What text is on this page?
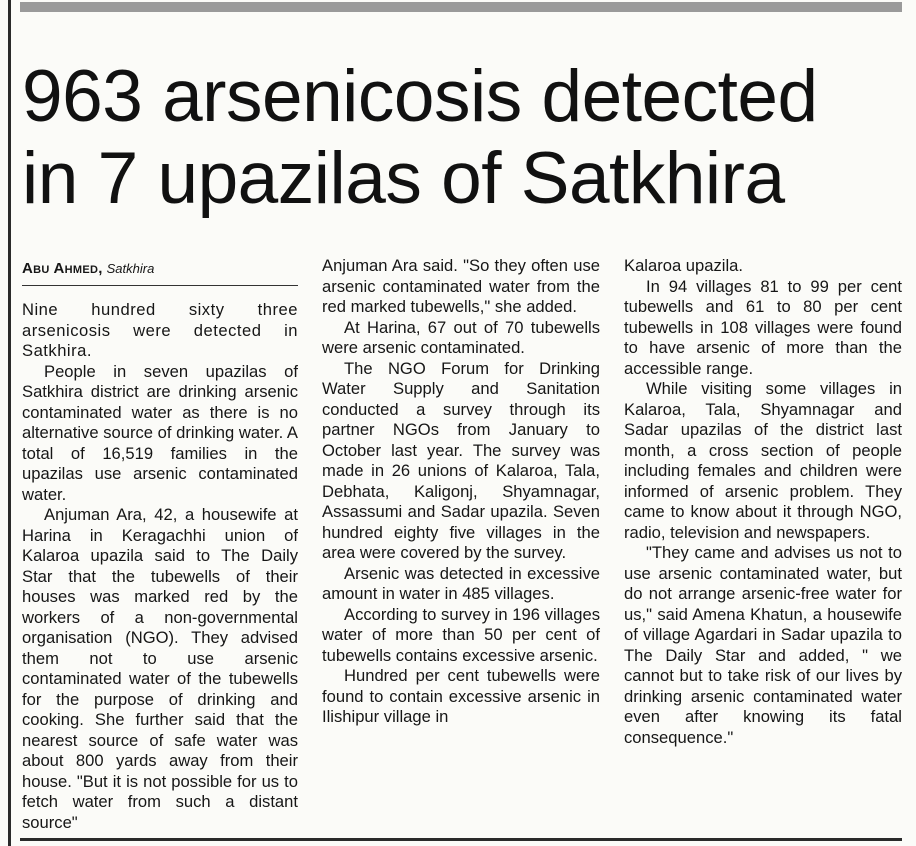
963 arsenicosis detected
in 7 upazilas of Satkhira
Abu Ahmed, Satkhira

Nine hundred sixty three arsenicosis were detected in Satkhira.

People in seven upazilas of Satkhira district are drinking arsenic contaminated water as there is no alternative source of drinking water. A total of 16,519 families in the upazilas use arsenic contaminated water.

Anjuman Ara, 42, a housewife at Harina in Keragachhi union of Kalaroa upazila said to The Daily Star that the tubewells of their houses was marked red by the workers of a non-governmental organisation (NGO). They advised them not to use arsenic contaminated water of the tubewells for the purpose of drinking and cooking. She further said that the nearest source of safe water was about 800 yards away from their house. "But it is not possible for us to fetch water from such a distant source"

Anjuman Ara said. "So they often use arsenic contaminated water from the red marked tubewells," she added.

At Harina, 67 out of 70 tubewells were arsenic contaminated.

The NGO Forum for Drinking Water Supply and Sanitation conducted a survey through its partner NGOs from January to October last year. The survey was made in 26 unions of Kalaroa, Tala, Debhata, Kaligonj, Shyamnagar, Assassumi and Sadar upazila. Seven hundred eighty five villages in the area were covered by the survey.

Arsenic was detected in excessive amount in water in 485 villages.

According to survey in 196 villages water of more than 50 per cent of tubewells contains excessive arsenic.

Hundred per cent tubewells were found to contain excessive arsenic in Ilishipur village in

Kalaroa upazila.

In 94 villages 81 to 99 per cent tubewells and 61 to 80 per cent tubewells in 108 villages were found to have arsenic of more than the accessible range.

While visiting some villages in Kalaroa, Tala, Shyamnagar and Sadar upazilas of the district last month, a cross section of people including females and children were informed of arsenic problem. They came to know about it through NGO, radio, television and newspapers.

"They came and advises us not to use arsenic contaminated water, but do not arrange arsenic-free water for us," said Amena Khatun, a housewife of village Agardari in Sadar upazila to The Daily Star and added, " we cannot but to take risk of our lives by drinking arsenic contaminated water even after knowing its fatal consequence."
